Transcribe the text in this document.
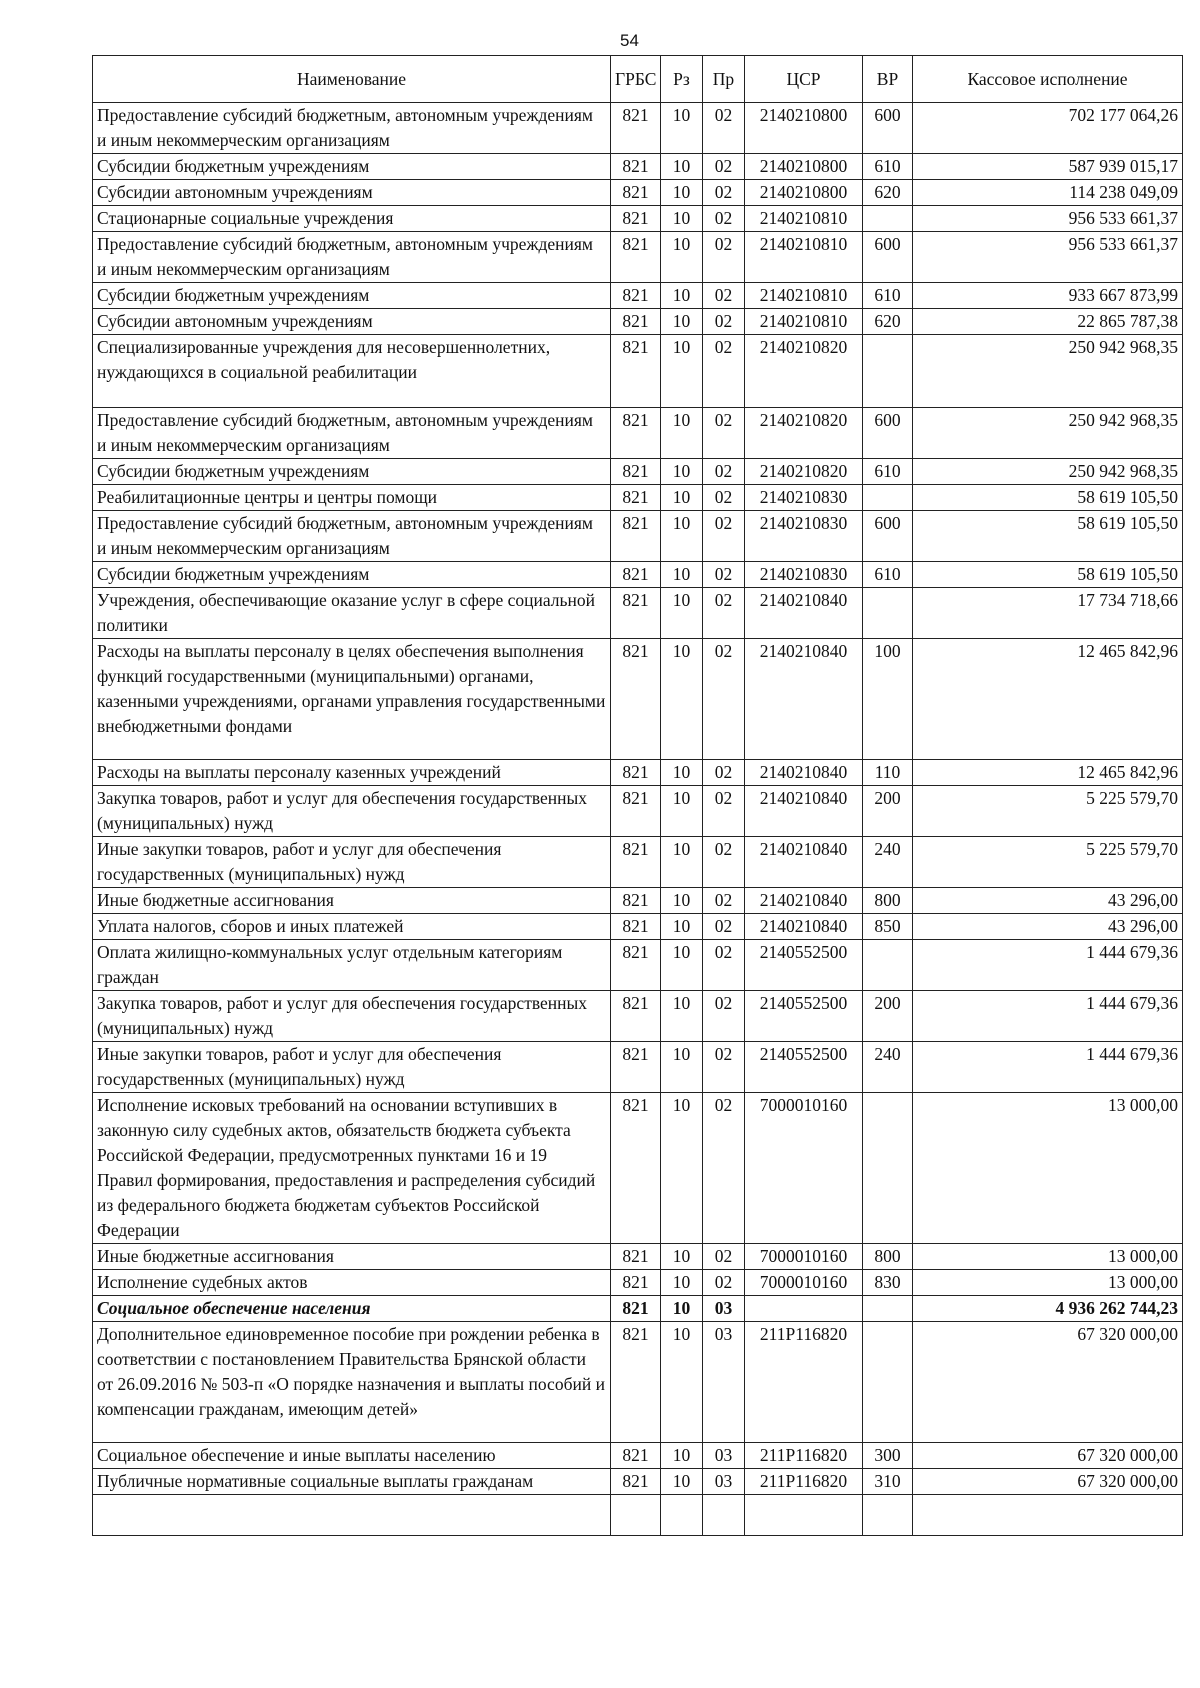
54
Наименование	ГРБС	Рз	Пр	ЦСР	ВР	Кассовое исполнение
Предоставление субсидий бюджетным, автономным учреждениям и иным некоммерческим организациям	821	10	02	2140210800	600	702 177 064,26
Субсидии бюджетным учреждениям	821	10	02	2140210800	610	587 939 015,17
Субсидии автономным учреждениям	821	10	02	2140210800	620	114 238 049,09
Стационарные социальные учреждения	821	10	02	2140210810		956 533 661,37
Предоставление субсидий бюджетным, автономным учреждениям и иным некоммерческим организациям	821	10	02	2140210810	600	956 533 661,37
Субсидии бюджетным учреждениям	821	10	02	2140210810	610	933 667 873,99
Субсидии автономным учреждениям	821	10	02	2140210810	620	22 865 787,38
Специализированные учреждения для несовершеннолетних, нуждающихся в социальной реабилитации	821	10	02	2140210820		250 942 968,35
Предоставление субсидий бюджетным, автономным учреждениям и иным некоммерческим организациям	821	10	02	2140210820	600	250 942 968,35
Субсидии бюджетным учреждениям	821	10	02	2140210820	610	250 942 968,35
Реабилитационные центры и центры помощи	821	10	02	2140210830		58 619 105,50
Предоставление субсидий бюджетным, автономным учреждениям и иным некоммерческим организациям	821	10	02	2140210830	600	58 619 105,50
Субсидии бюджетным учреждениям	821	10	02	2140210830	610	58 619 105,50
Учреждения, обеспечивающие оказание услуг в сфере социальной политики	821	10	02	2140210840		17 734 718,66
Расходы на выплаты персоналу в целях обеспечения выполнения функций государственными (муниципальными) органами, казенными учреждениями, органами управления государственными внебюджетными фондами	821	10	02	2140210840	100	12 465 842,96
Расходы на выплаты персоналу казенных учреждений	821	10	02	2140210840	110	12 465 842,96
Закупка товаров, работ и услуг для обеспечения государственных (муниципальных) нужд	821	10	02	2140210840	200	5 225 579,70
Иные закупки товаров, работ и услуг для обеспечения государственных (муниципальных) нужд	821	10	02	2140210840	240	5 225 579,70
Иные бюджетные ассигнования	821	10	02	2140210840	800	43 296,00
Уплата налогов, сборов и иных платежей	821	10	02	2140210840	850	43 296,00
Оплата жилищно-коммунальных услуг отдельным категориям граждан	821	10	02	2140552500		1 444 679,36
Закупка товаров, работ и услуг для обеспечения государственных (муниципальных) нужд	821	10	02	2140552500	200	1 444 679,36
Иные закупки товаров, работ и услуг для обеспечения государственных (муниципальных) нужд	821	10	02	2140552500	240	1 444 679,36
Исполнение исковых требований на основании вступивших в законную силу судебных актов, обязательств бюджета субъекта Российской Федерации, предусмотренных пунктами 16 и 19 Правил формирования, предоставления и распределения субсидий из федерального бюджета бюджетам субъектов Российской Федерации	821	10	02	7000010160		13 000,00
Иные бюджетные ассигнования	821	10	02	7000010160	800	13 000,00
Исполнение судебных актов	821	10	02	7000010160	830	13 000,00
Социальное обеспечение населения	821	10	03			4 936 262 744,23
Дополнительное единовременное пособие при рождении ребенка в соответствии с постановлением Правительства Брянской области от 26.09.2016 № 503-п «О порядке назначения и выплаты пособий и компенсации гражданам, имеющим детей»	821	10	03	211P116820		67 320 000,00
Социальное обеспечение и иные выплаты населению	821	10	03	211P116820	300	67 320 000,00
Публичные нормативные социальные выплаты гражданам	821	10	03	211P116820	310	67 320 000,00
